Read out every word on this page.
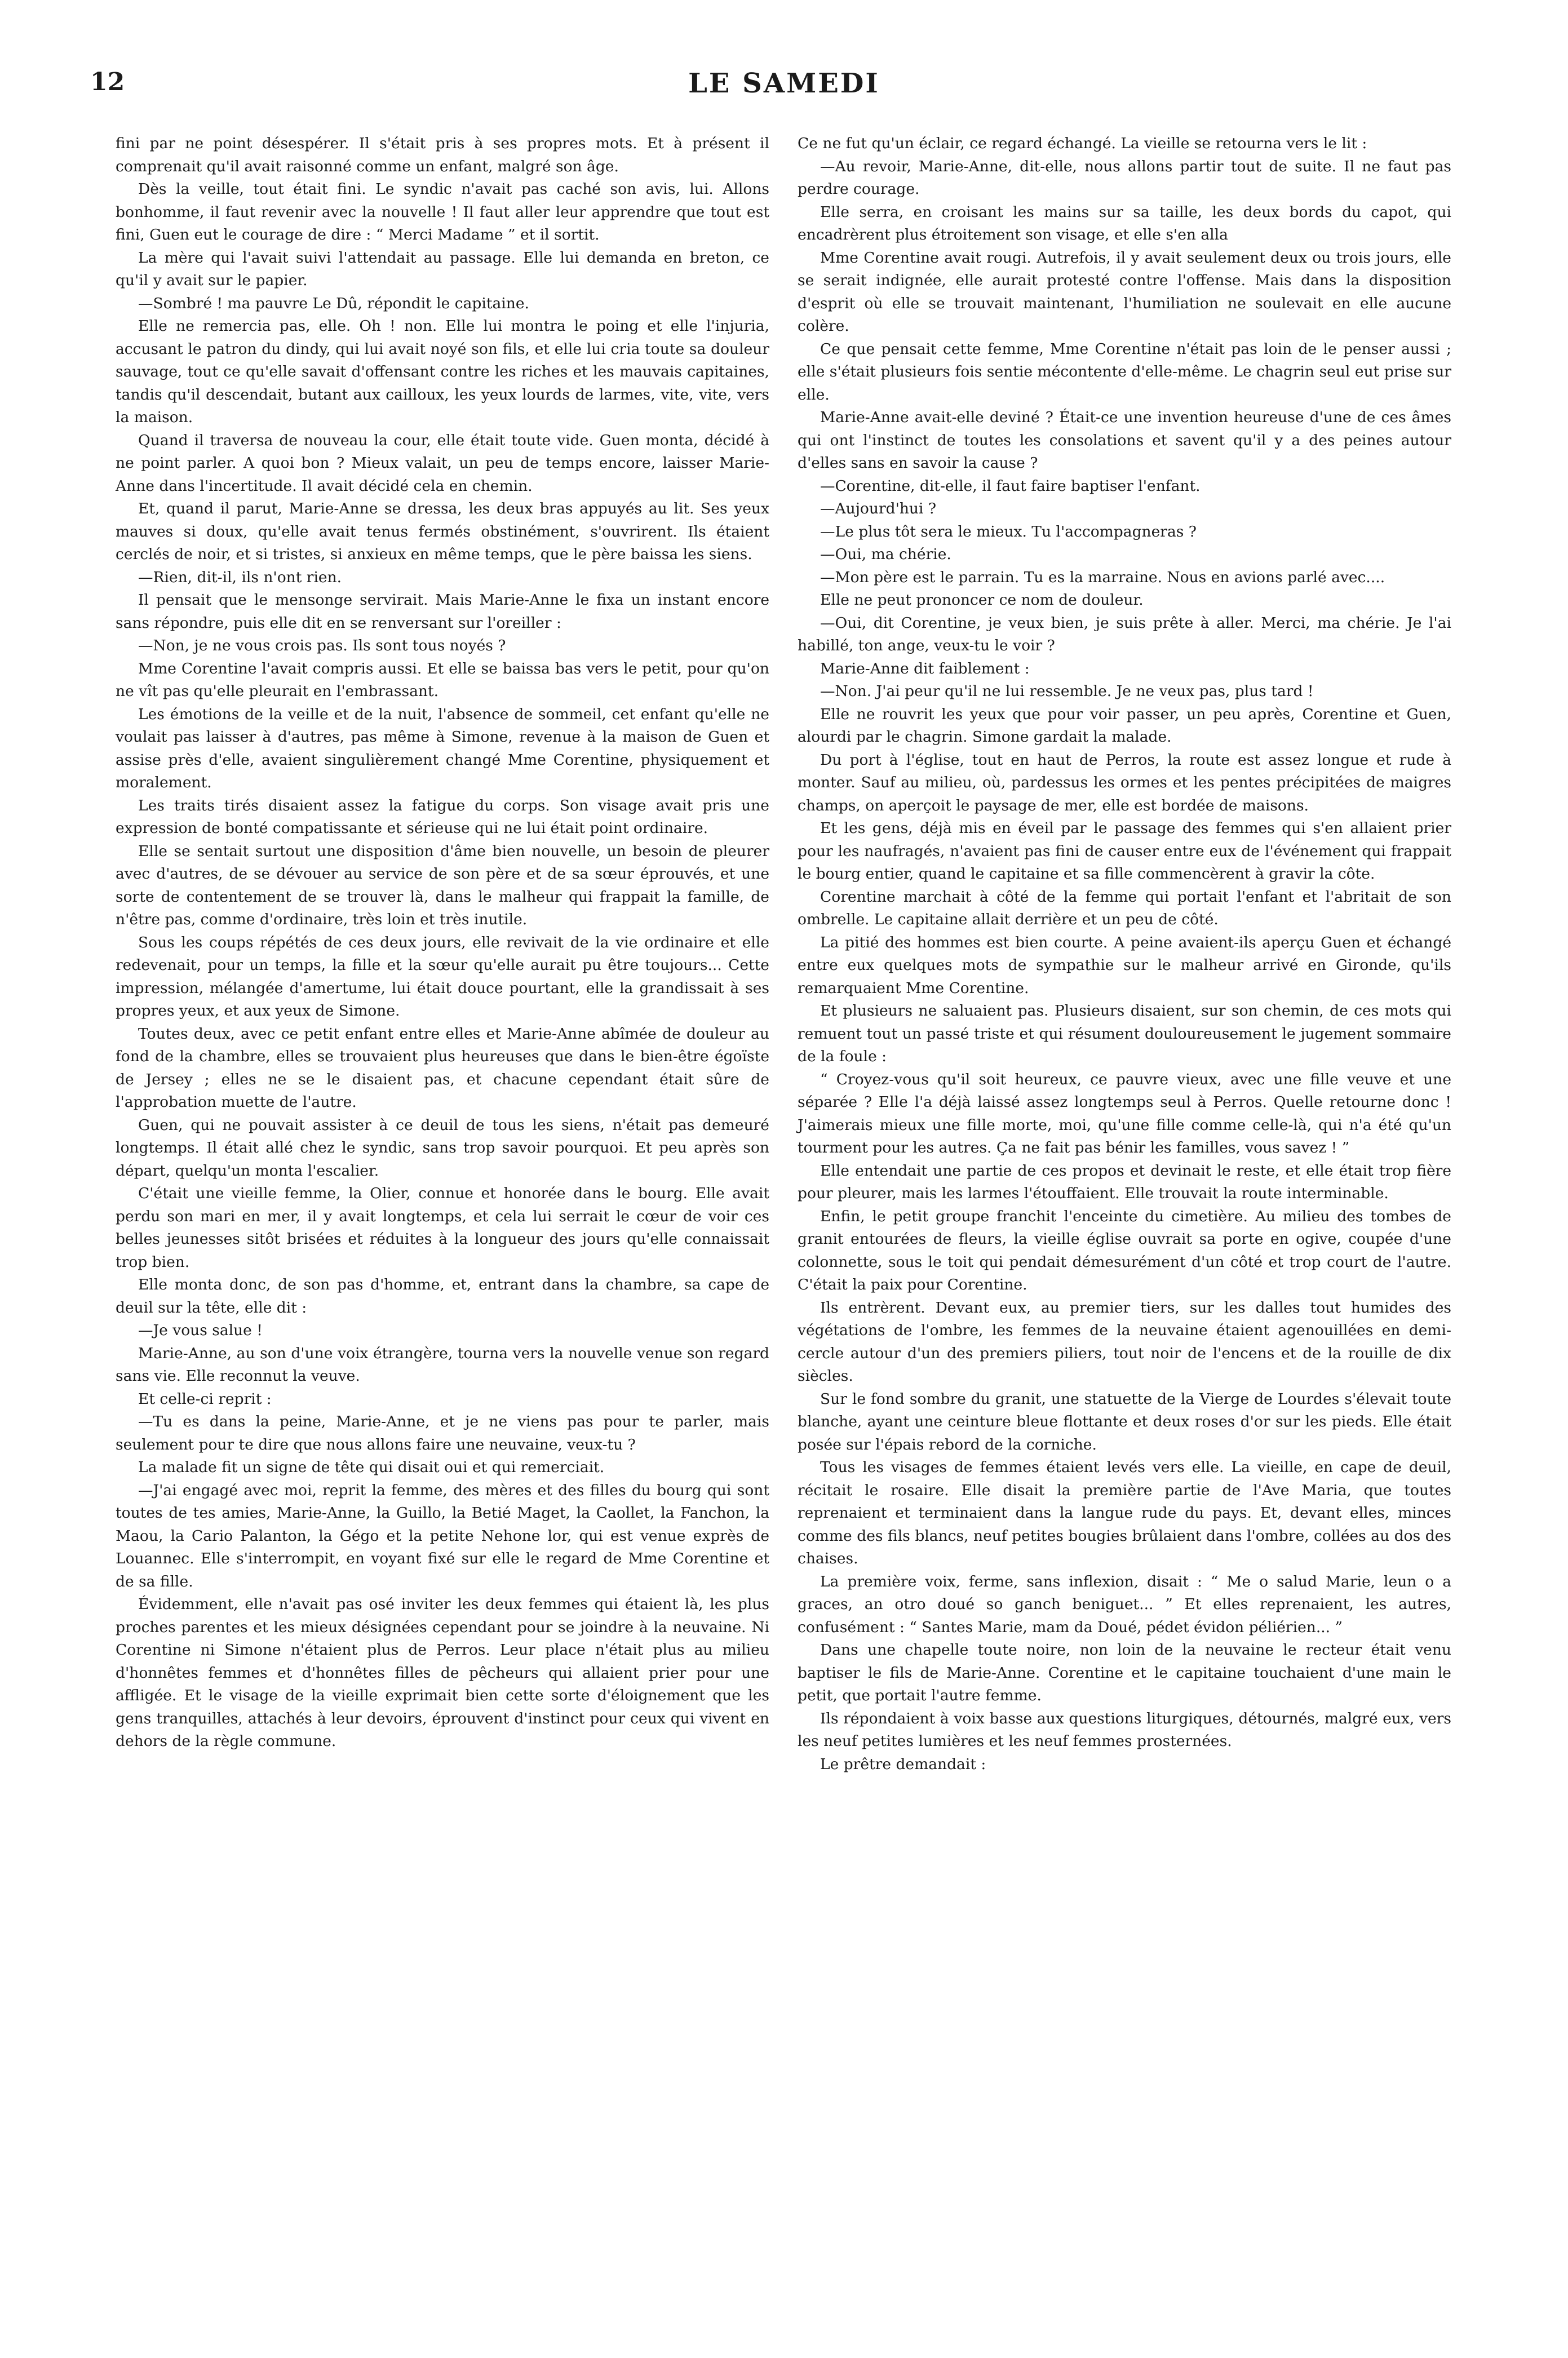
12	LE SAMEDI

fini par ne point désespérer. Il s'était pris à ses propres mots. Et à présent il comprenait qu'il avait raisonné comme un enfant, malgré son âge.

Dès la veille, tout était fini. Le syndic n'avait pas caché son avis, lui. Allons bonhomme, il faut revenir avec la nouvelle ! Il faut aller leur apprendre que tout est fini, Guen eut le courage de dire : “ Merci Madame ” et il sortit.

La mère qui l'avait suivi l'attendait au passage. Elle lui demanda en breton, ce qu'il y avait sur le papier.

—Sombré ! ma pauvre Le Dû, répondit le capitaine.

Elle ne remercia pas, elle. Oh ! non. Elle lui montra le poing et elle l'injuria, accusant le patron du dindy, qui lui avait noyé son fils, et elle lui cria toute sa douleur sauvage, tout ce qu'elle savait d'offensant contre les riches et les mauvais capitaines, tandis qu'il descendait, butant aux cailloux, les yeux lourds de larmes, vite, vite, vers la maison.

Quand il traversa de nouveau la cour, elle était toute vide. Guen monta, décidé à ne point parler. A quoi bon ? Mieux valait, un peu de temps encore, laisser Marie-Anne dans l'incertitude. Il avait décidé cela en chemin.

Et, quand il parut, Marie-Anne se dressa, les deux bras appuyés au lit. Ses yeux mauves si doux, qu'elle avait tenus fermés obstinément, s'ouvrirent. Ils étaient cerclés de noir, et si tristes, si anxieux en même temps, que le père baissa les siens.

—Rien, dit-il, ils n'ont rien.

Il pensait que le mensonge servirait. Mais Marie-Anne le fixa un instant encore sans répondre, puis elle dit en se renversant sur l'oreiller :

—Non, je ne vous crois pas. Ils sont tous noyés ?

Mme Corentine l'avait compris aussi. Et elle se baissa bas vers le petit, pour qu'on ne vît pas qu'elle pleurait en l'embrassant.

Les émotions de la veille et de la nuit, l'absence de sommeil, cet enfant qu'elle ne voulait pas laisser à d'autres, pas même à Simone, revenue à la maison de Guen et assise près d'elle, avaient singulièrement changé Mme Corentine, physiquement et moralement.

Les traits tirés disaient assez la fatigue du corps. Son visage avait pris une expression de bonté compatissante et sérieuse qui ne lui était point ordinaire.

Elle se sentait surtout une disposition d'âme bien nouvelle, un besoin de pleurer avec d'autres, de se dévouer au service de son père et de sa sœur éprouvés, et une sorte de contentement de se trouver là, dans le malheur qui frappait la famille, de n'être pas, comme d'ordinaire, très loin et très inutile.

Sous les coups répétés de ces deux jours, elle revivait de la vie ordinaire et elle redevenait, pour un temps, la fille et la sœur qu'elle aurait pu être toujours... Cette impression, mélangée d'amertume, lui était douce pourtant, elle la grandissait à ses propres yeux, et aux yeux de Simone.

Toutes deux, avec ce petit enfant entre elles et Marie-Anne abîmée de douleur au fond de la chambre, elles se trouvaient plus heureuses que dans le bien-être égoïste de Jersey ; elles ne se le disaient pas, et chacune cependant était sûre de l'approbation muette de l'autre.

Guen, qui ne pouvait assister à ce deuil de tous les siens, n'était pas demeuré longtemps. Il était allé chez le syndic, sans trop savoir pourquoi. Et peu après son départ, quelqu'un monta l'escalier.

C'était une vieille femme, la Olier, connue et honorée dans le bourg. Elle avait perdu son mari en mer, il y avait longtemps, et cela lui serrait le cœur de voir ces belles jeunesses sitôt brisées et réduites à la longueur des jours qu'elle connaissait trop bien.

Elle monta donc, de son pas d'homme, et, entrant dans la chambre, sa cape de deuil sur la tête, elle dit :

—Je vous salue !

Marie-Anne, au son d'une voix étrangère, tourna vers la nouvelle venue son regard sans vie. Elle reconnut la veuve.

Et celle-ci reprit :

—Tu es dans la peine, Marie-Anne, et je ne viens pas pour te parler, mais seulement pour te dire que nous allons faire une neuvaine, veux-tu ?

La malade fit un signe de tête qui disait oui et qui remerciait.

—J'ai engagé avec moi, reprit la femme, des mères et des filles du bourg qui sont toutes de tes amies, Marie-Anne, la Guillo, la Betié Maget, la Caollet, la Fanchon, la Maou, la Cario Palanton, la Gégo et la petite Nehone lor, qui est venue exprès de Louannec. Elle s'interrompit, en voyant fixé sur elle le regard de Mme Corentine et de sa fille.

Évidemment, elle n'avait pas osé inviter les deux femmes qui étaient là, les plus proches parentes et les mieux désignées cependant pour se joindre à la neuvaine. Ni Corentine ni Simone n'étaient plus de Perros. Leur place n'était plus au milieu d'honnêtes femmes et d'honnêtes filles de pêcheurs qui allaient prier pour une affligée. Et le visage de la vieille exprimait bien cette sorte d'éloignement que les gens tranquilles, attachés à leur devoirs, éprouvent d'instinct pour ceux qui vivent en dehors de la règle commune.

Ce ne fut qu'un éclair, ce regard échangé. La vieille se retourna vers le lit :

—Au revoir, Marie-Anne, dit-elle, nous allons partir tout de suite. Il ne faut pas perdre courage.

Elle serra, en croisant les mains sur sa taille, les deux bords du capot, qui encadrèrent plus étroitement son visage, et elle s'en alla

Mme Corentine avait rougi. Autrefois, il y avait seulement deux ou trois jours, elle se serait indignée, elle aurait protesté contre l'offense. Mais dans la disposition d'esprit où elle se trouvait maintenant, l'humiliation ne soulevait en elle aucune colère.

Ce que pensait cette femme, Mme Corentine n'était pas loin de le penser aussi ; elle s'était plusieurs fois sentie mécontente d'elle-même. Le chagrin seul eut prise sur elle.

Marie-Anne avait-elle deviné ? Était-ce une invention heureuse d'une de ces âmes qui ont l'instinct de toutes les consolations et savent qu'il y a des peines autour d'elles sans en savoir la cause ?

—Corentine, dit-elle, il faut faire baptiser l'enfant.

—Aujourd'hui ?

—Le plus tôt sera le mieux. Tu l'accompagneras ?

—Oui, ma chérie.

—Mon père est le parrain. Tu es la marraine. Nous en avions parlé avec....

Elle ne peut prononcer ce nom de douleur.

—Oui, dit Corentine, je veux bien, je suis prête à aller. Merci, ma chérie. Je l'ai habillé, ton ange, veux-tu le voir ?

Marie-Anne dit faiblement :

—Non. J'ai peur qu'il ne lui ressemble. Je ne veux pas, plus tard !

Elle ne rouvrit les yeux que pour voir passer, un peu après, Corentine et Guen, alourdi par le chagrin. Simone gardait la malade.

Du port à l'église, tout en haut de Perros, la route est assez longue et rude à monter. Sauf au milieu, où, pardessus les ormes et les pentes précipitées de maigres champs, on aperçoit le paysage de mer, elle est bordée de maisons.

Et les gens, déjà mis en éveil par le passage des femmes qui s'en allaient prier pour les naufragés, n'avaient pas fini de causer entre eux de l'événement qui frappait le bourg entier, quand le capitaine et sa fille commencèrent à gravir la côte.

Corentine marchait à côté de la femme qui portait l'enfant et l'abritait de son ombrelle. Le capitaine allait derrière et un peu de côté.

La pitié des hommes est bien courte. A peine avaient-ils aperçu Guen et échangé entre eux quelques mots de sympathie sur le malheur arrivé en Gironde, qu'ils remarquaient Mme Corentine.

Et plusieurs ne saluaient pas. Plusieurs disaient, sur son chemin, de ces mots qui remuent tout un passé triste et qui résument douloureusement le jugement sommaire de la foule :

“ Croyez-vous qu'il soit heureux, ce pauvre vieux, avec une fille veuve et une séparée ? Elle l'a déjà laissé assez longtemps seul à Perros. Quelle retourne donc ! J'aimerais mieux une fille morte, moi, qu'une fille comme celle-là, qui n'a été qu'un tourment pour les autres. Ça ne fait pas bénir les familles, vous savez ! ”

Elle entendait une partie de ces propos et devinait le reste, et elle était trop fière pour pleurer, mais les larmes l'étouffaient. Elle trouvait la route interminable.

Enfin, le petit groupe franchit l'enceinte du cimetière. Au milieu des tombes de granit entourées de fleurs, la vieille église ouvrait sa porte en ogive, coupée d'une colonnette, sous le toit qui pendait démesurément d'un côté et trop court de l'autre. C'était la paix pour Corentine.

Ils entrèrent. Devant eux, au premier tiers, sur les dalles tout humides des végétations de l'ombre, les femmes de la neuvaine étaient agenouillées en demi-cercle autour d'un des premiers piliers, tout noir de l'encens et de la rouille de dix siècles.

Sur le fond sombre du granit, une statuette de la Vierge de Lourdes s'élevait toute blanche, ayant une ceinture bleue flottante et deux roses d'or sur les pieds. Elle était posée sur l'épais rebord de la corniche.

Tous les visages de femmes étaient levés vers elle. La vieille, en cape de deuil, récitait le rosaire. Elle disait la première partie de l'Ave Maria, que toutes reprenaient et terminaient dans la langue rude du pays. Et, devant elles, minces comme des fils blancs, neuf petites bougies brûlaient dans l'ombre, collées au dos des chaises.

La première voix, ferme, sans inflexion, disait : “ Me o salud Marie, leun o a graces, an otro doué so ganch beniguet... ” Et elles reprenaient, les autres, confusément : “ Santes Marie, mam da Doué, pédet évidon péliérien... ”

Dans une chapelle toute noire, non loin de la neuvaine le recteur était venu baptiser le fils de Marie-Anne. Corentine et le capitaine touchaient d'une main le petit, que portait l'autre femme.

Ils répondaient à voix basse aux questions liturgiques, détournés, malgré eux, vers les neuf petites lumières et les neuf femmes prosternées.

Le prêtre demandait :
